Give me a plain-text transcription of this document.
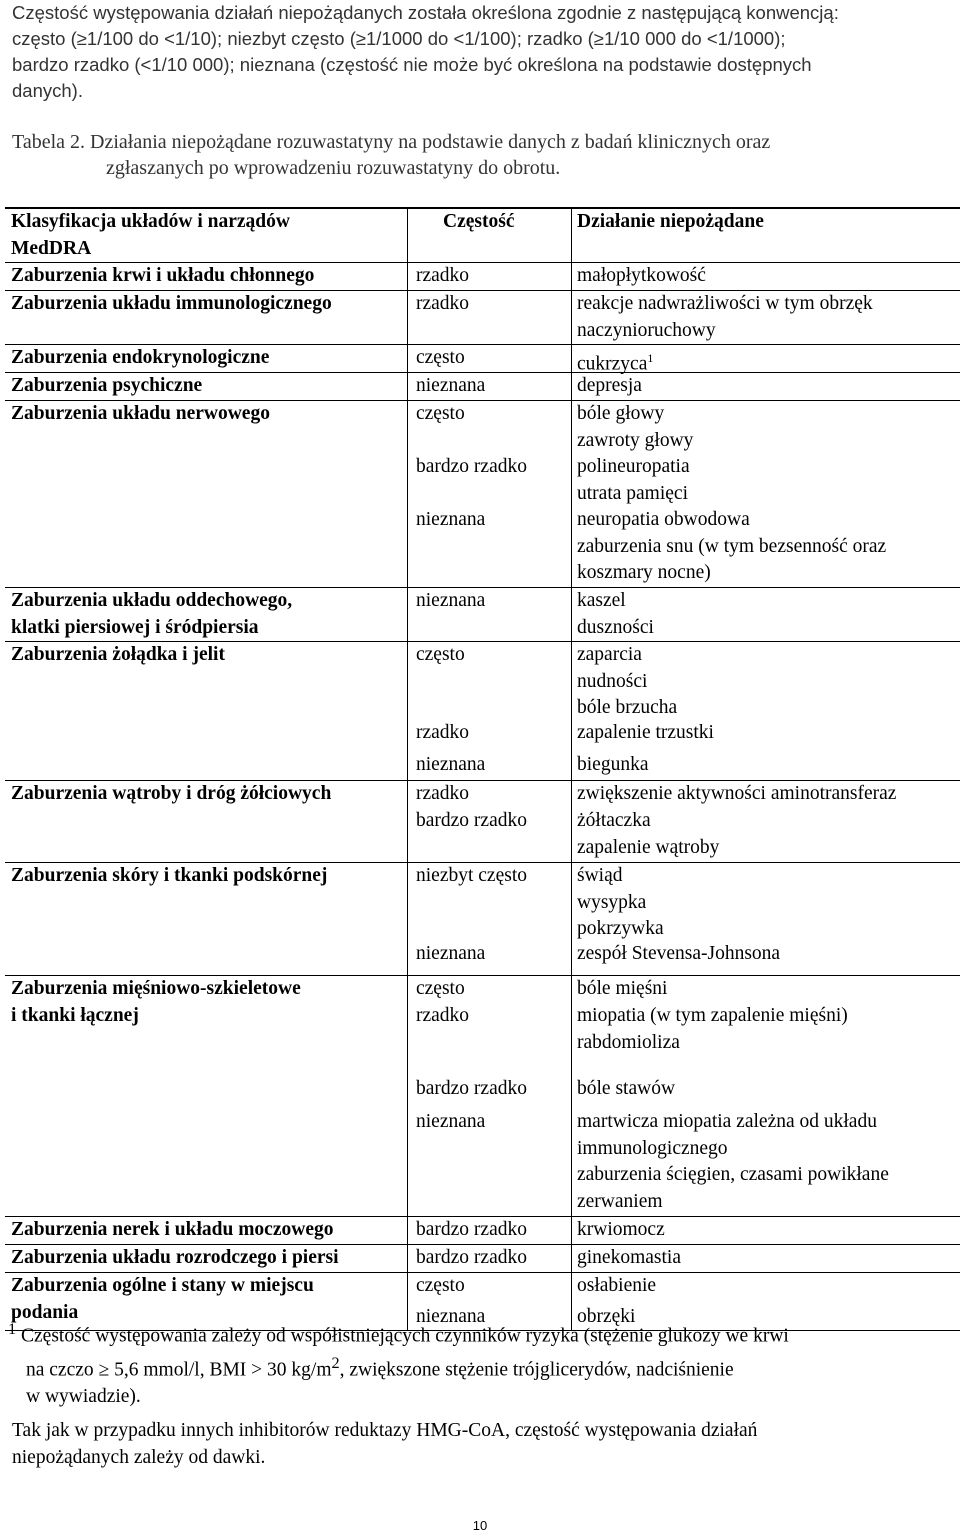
Częstość występowania działań niepożądanych została określona zgodnie z następującą konwencją:
często (≥1/100 do <1/10); niezbyt często (≥1/1000 do <1/100); rzadko (≥1/10 000 do <1/1000);
bardzo rzadko (<1/10 000); nieznana (częstość nie może być określona na podstawie dostępnych
danych).
Tabela 2. Działania niepożądane rozuwastatyny na podstawie danych z badań klinicznych oraz
zgłaszanych po wprowadzeniu rozuwastatyny do obrotu.
Klasyfikacja układów i narządów
MedDRA
Częstość	Działanie niepożądane
Zaburzenia krwi i układu chłonnego	rzadko	małopłytkowość
Zaburzenia układu immunologicznego	rzadko	reakcje nadwrażliwości w tym obrzęk
naczynioruchowy
Zaburzenia endokrynologiczne	często	cukrzyca$^1$
Zaburzenia psychiczne	nieznana	depresja
Zaburzenia układu nerwowego	często	bóle głowy
zawroty głowy
bardzo rzadko	polineuropatia
utrata pamięci
nieznana	neuropatia obwodowa
zaburzenia snu (w tym bezsenność oraz
koszmary nocne)
Zaburzenia układu oddechowego,
klatki piersiowej i śródpiersia
nieznana	kaszel
duszności
Zaburzenia żołądka i jelit	często	zaparcia
nudności
bóle brzucha
rzadko	zapalenie trzustki
nieznana	biegunka
Zaburzenia wątroby i dróg żółciowych	rzadko	zwiększenie aktywności aminotransferaz
bardzo rzadko	żółtaczka
zapalenie wątroby
Zaburzenia skóry i tkanki podskórnej	niezbyt często	świąd
wysypka
pokrzywka
nieznana	zespół Stevensa-Johnsona
Zaburzenia mięśniowo-szkieletowe
i tkanki łącznej
często	bóle mięśni
rzadko	miopatia (w tym zapalenie mięśni)
rabdomioliza
bardzo rzadko	bóle stawów
nieznana	martwicza miopatia zależna od układu
immunologicznego
zaburzenia ścięgien, czasami powikłane
zerwaniem
Zaburzenia nerek i układu moczowego	bardzo rzadko	krwiomocz
Zaburzenia układu rozrodczego i piersi	bardzo rzadko	ginekomastia
Zaburzenia ogólne i stany w miejscu
podania
często	osłabienie
nieznana	obrzęki
$^1$ Częstość występowania zależy od współistniejących czynników ryzyka (stężenie glukozy we krwi
na czczo ≥ 5,6 mmol/l, BMI > 30 $kg/m^2$, zwiększone stężenie trójglicerydów, nadciśnienie
w wywiadzie).
Tak jak w przypadku innych inhibitorów reduktazy HMG-CoA, częstość występowania działań
niepożądanych zależy od dawki.
10
